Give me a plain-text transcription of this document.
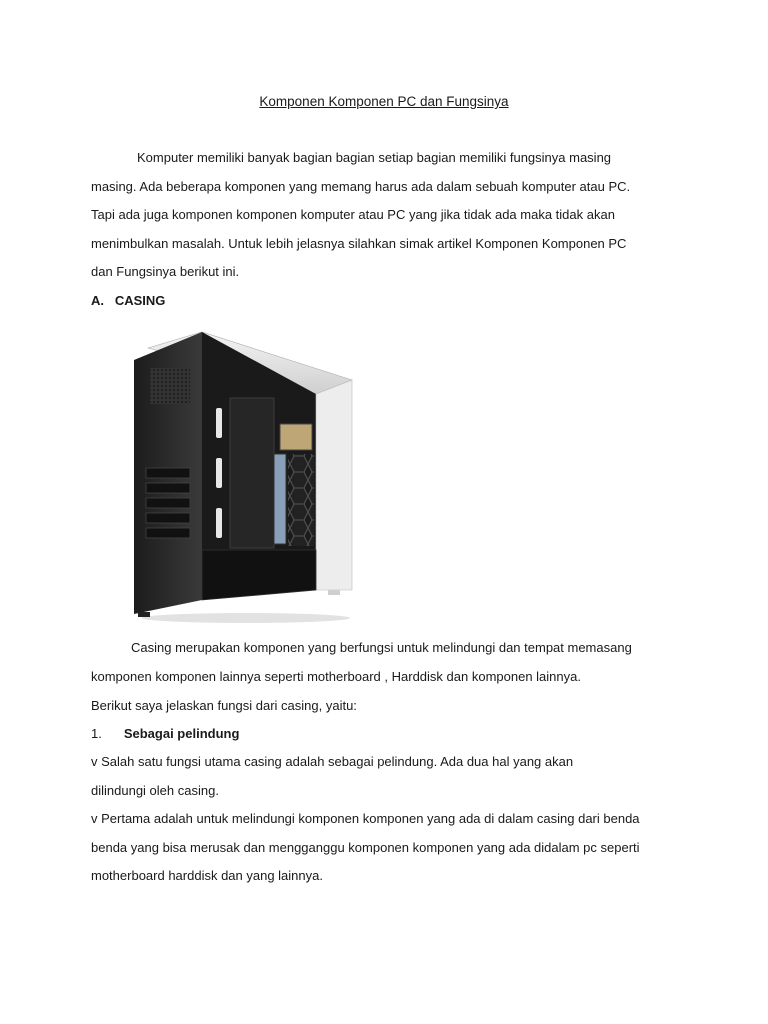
Komponen Komponen PC dan Fungsinya

Komputer memiliki banyak bagian bagian setiap bagian memiliki fungsinya masing

masing. Ada beberapa komponen yang memang harus ada dalam sebuah komputer atau PC.

Tapi ada juga komponen komponen komputer atau PC yang jika tidak ada maka tidak akan

menimbulkan masalah. Untuk lebih jelasnya silahkan simak artikel Komponen Komponen PC

dan Fungsinya berikut ini.

A. CASING

Casing merupakan komponen yang berfungsi untuk melindungi dan tempat memasang

komponen komponen lainnya seperti motherboard , Harddisk dan komponen lainnya.

Berikut saya jelaskan fungsi dari casing, yaitu:
1. Sebagai pelindung

v Salah satu fungsi utama casing adalah sebagai pelindung. Ada dua hal yang akan

dilindungi oleh casing.

v Pertama adalah untuk melindungi komponen komponen yang ada di dalam casing dari benda

benda yang bisa merusak dan mengganggu komponen komponen yang ada didalam pc seperti

motherboard harddisk dan yang lainnya.
